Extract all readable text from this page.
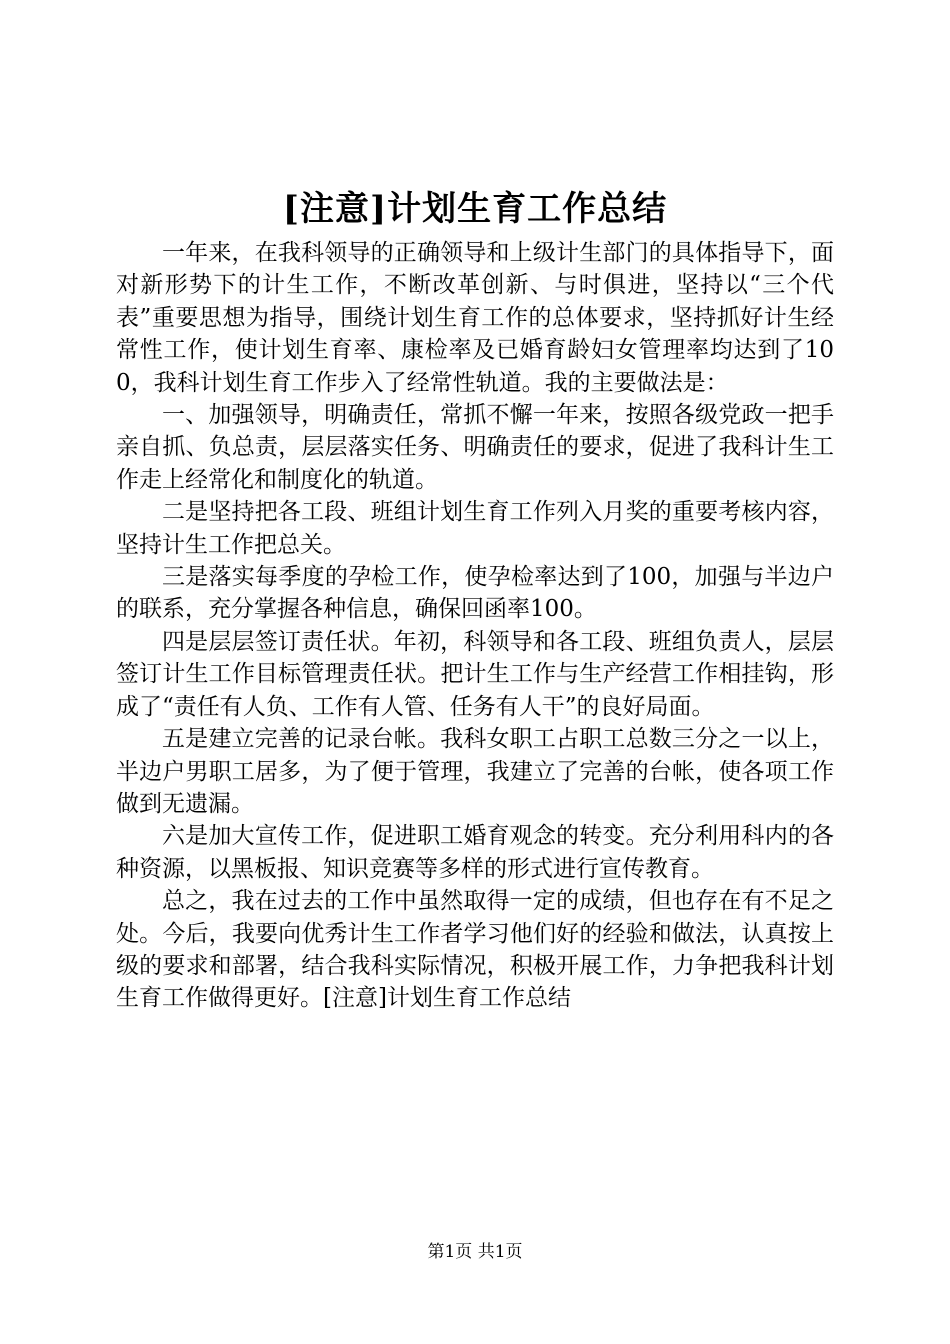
[注意]计划生育工作总结

一年来，在我科领导的正确领导和上级计生部门的具体指导下，面对新形势下的计生工作，不断改革创新、与时俱进，坚持以“三个代表”重要思想为指导，围绕计划生育工作的总体要求，坚持抓好计生经常性工作，使计划生育率、康检率及已婚育龄妇女管理率均达到了100，我科计划生育工作步入了经常性轨道。我的主要做法是：

一、加强领导，明确责任，常抓不懈一年来，按照各级党政一把手亲自抓、负总责，层层落实任务、明确责任的要求，促进了我科计生工作走上经常化和制度化的轨道。

二是坚持把各工段、班组计划生育工作列入月奖的重要考核内容，坚持计生工作把总关。

三是落实每季度的孕检工作，使孕检率达到了100，加强与半边户的联系，充分掌握各种信息，确保回函率100。

四是层层签订责任状。年初，科领导和各工段、班组负责人，层层签订计生工作目标管理责任状。把计生工作与生产经营工作相挂钩，形成了“责任有人负、工作有人管、任务有人干”的良好局面。

五是建立完善的记录台帐。我科女职工占职工总数三分之一以上，半边户男职工居多，为了便于管理，我建立了完善的台帐，使各项工作做到无遗漏。

六是加大宣传工作，促进职工婚育观念的转变。充分利用科内的各种资源，以黑板报、知识竞赛等多样的形式进行宣传教育。

总之，我在过去的工作中虽然取得一定的成绩，但也存在有不足之处。今后，我要向优秀计生工作者学习他们好的经验和做法，认真按上级的要求和部署，结合我科实际情况，积极开展工作，力争把我科计划生育工作做得更好。[注意]计划生育工作总结

第1页 共1页
